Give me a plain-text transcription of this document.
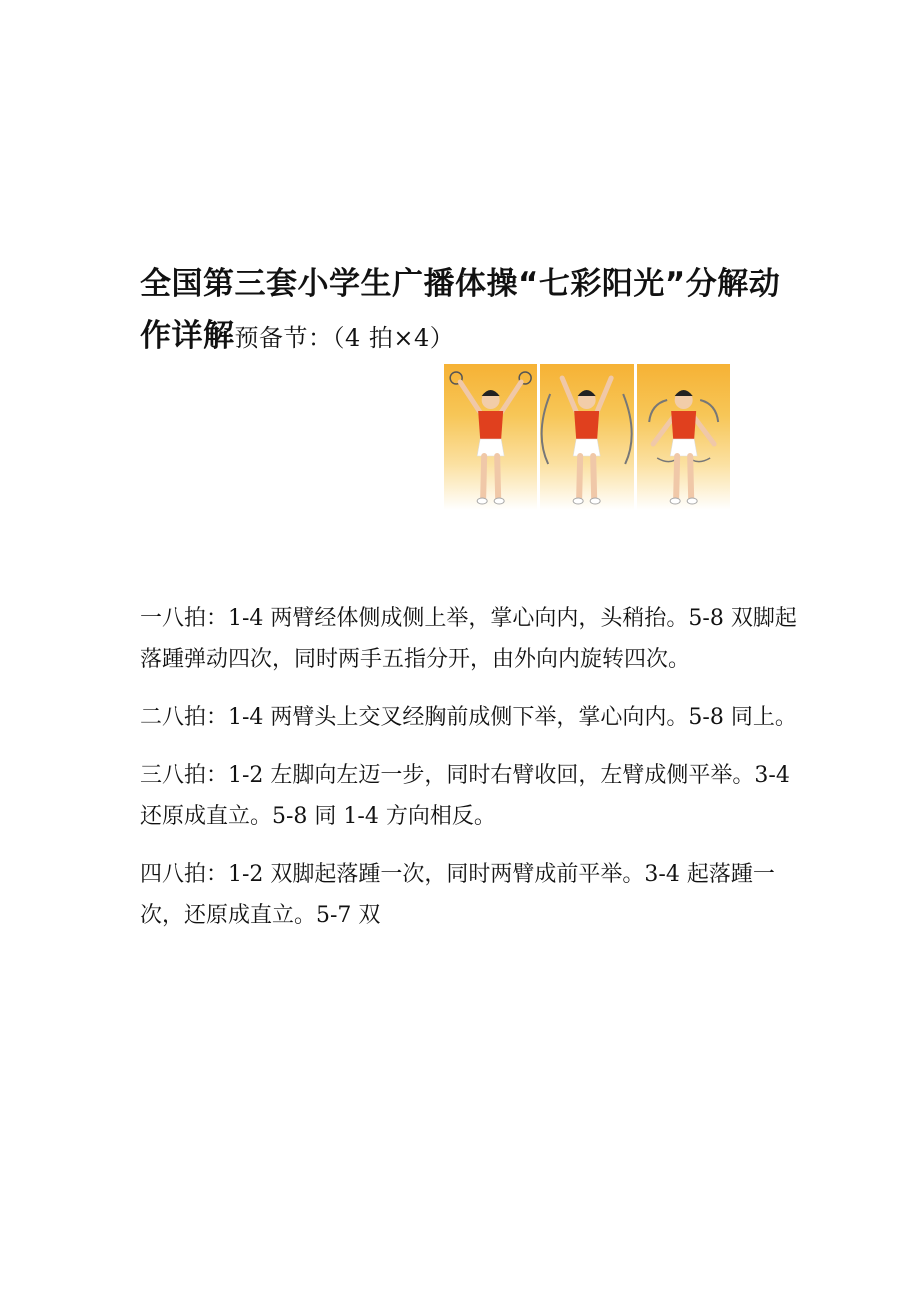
全国第三套小学生广播体操“七彩阳光”分解动作详解预备节：（4 拍×4）

一八拍：1-4 两臂经体侧成侧上举，掌心向内，头稍抬。5-8 双脚起落踵弹动四次，同时两手五指分开，由外向内旋转四次。

二八拍：1-4 两臂头上交叉经胸前成侧下举，掌心向内。5-8 同上。

三八拍：1-2 左脚向左迈一步，同时右臂收回，左臂成侧平举。3-4 还原成直立。5-8 同 1-4 方向相反。

四八拍：1-2 双脚起落踵一次，同时两臂成前平举。3-4 起落踵一次，还原成直立。5-7 双
